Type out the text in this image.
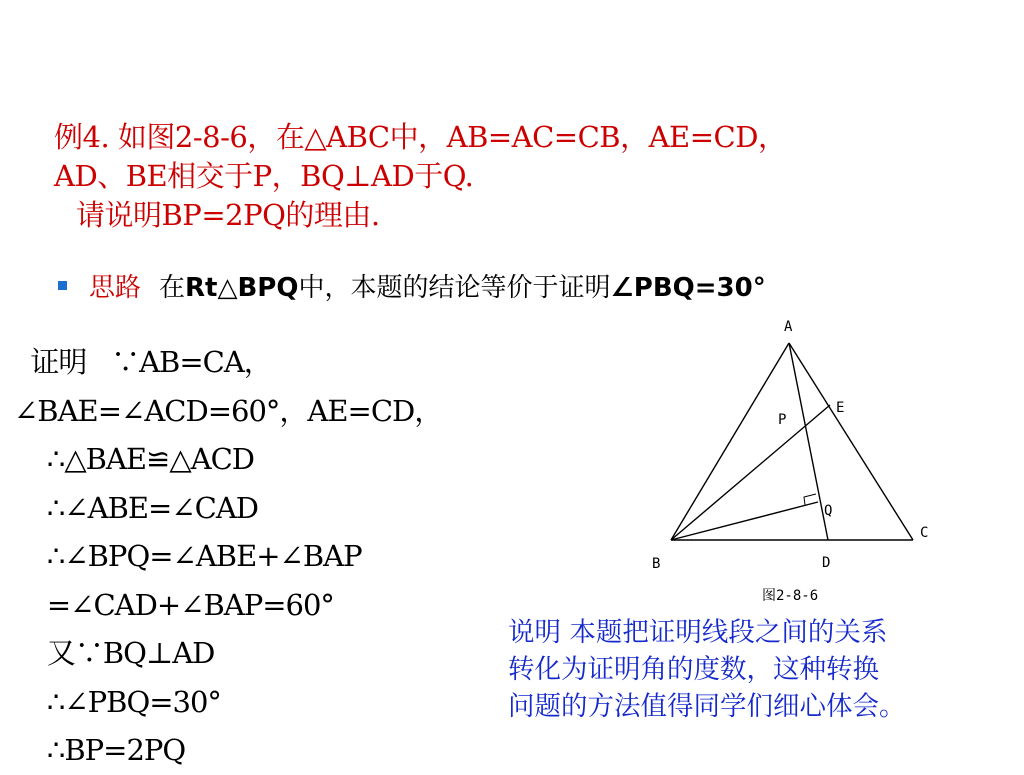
例4. 如图2-8-6，在△ABC中，AB=AC=CB，AE=CD，
AD、BE相交于P，BQ⊥AD于Q.
请说明BP=2PQ的理由.
思路 在Rt△BPQ中，本题的结论等价于证明∠PBQ=30°
证明   ∵AB=CA，
∠BAE=∠ACD=60°，AE=CD，
∴△BAE≌△ACD
∴∠ABE=∠CAD
∴∠BPQ=∠ABE+∠BAP
=∠CAD+∠BAP=60°
又∵BQ⊥AD
∴∠PBQ=30°
∴BP=2PQ
A
B
C
D
E
P
Q
图2-8-6
说明 本题把证明线段之间的关系
转化为证明角的度数，这种转换
问题的方法值得同学们细心体会。
